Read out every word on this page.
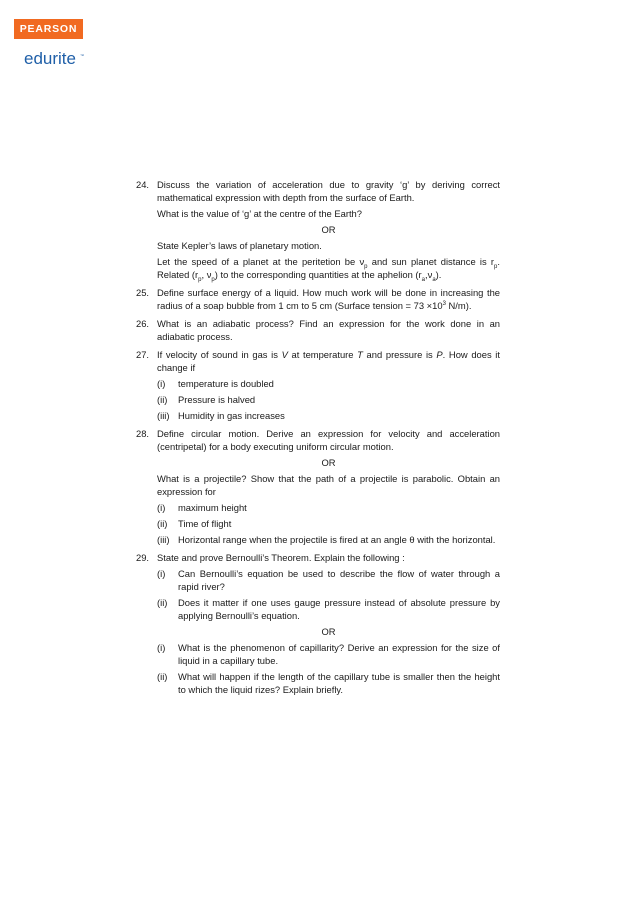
PEARSON
edurite ™
24. Discuss the variation of acceleration due to gravity ‘g’ by deriving correct mathematical expression with depth from the surface of Earth.

What is the value of ‘g’ at the centre of the Earth?

OR

State Kepler’s laws of planetary motion.

Let the speed of a planet at the peritetion be $\nu_p$ and sun planet distance is $r_p$. Related ($r_p$, $\nu_p$) to the corresponding quantities at the aphelion $(r_a,\nu_a)$.

25. Define surface energy of a liquid. How much work will be done in increasing the radius of a soap bubble from 1 cm to 5 cm (Surface tension = $73 \times 10^3$ N/m).

26. What is an adiabatic process? Find an expression for the work done in an adiabatic process.

27. If velocity of sound in gas is V at temperature T and pressure is P. How does it change if

(i)	temperature is doubled
(ii)	Pressure is halved
(iii) Humidity in gas increases
28. Define circular motion. Derive an expression for velocity and acceleration (centripetal) for a body executing uniform circular motion.

OR

What is a projectile? Show that the path of a projectile is parabolic. Obtain an expression for

(i)	maximum height
(ii)	Time of flight
(iii) Horizontal range when the projectile is fired at an angle θ with the horizontal.
29. State and prove Bernoulli’s Theorem. Explain the following :

(i)	Can Bernoulli’s equation be used to describe the flow of water through a rapid river?
(ii)	Does it matter if one uses gauge pressure instead of absolute pressure by applying Bernoulli’s equation.
OR
(i)	What is the phenomenon of capillarity? Derive an expression for the size of liquid in a capillary tube.
(ii)	What will happen if the length of the capillary tube is smaller then the height to which the liquid rizes? Explain briefly.
